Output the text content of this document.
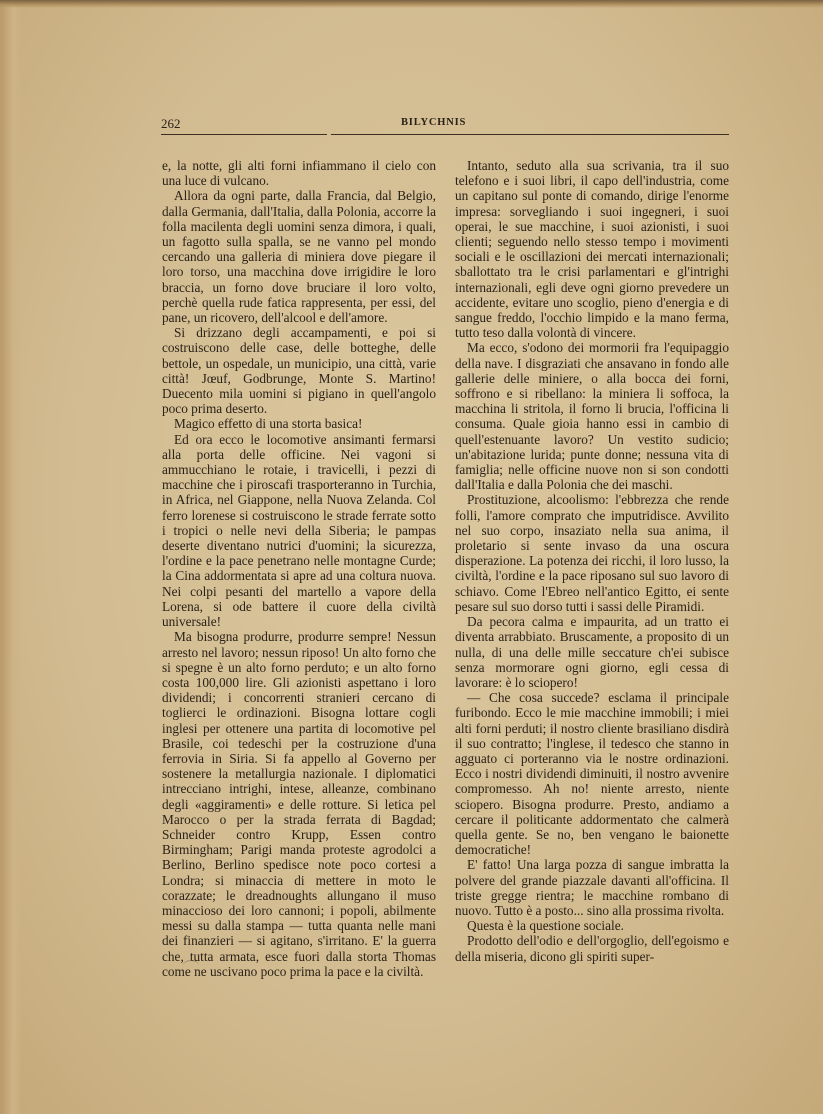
262	BILYCHNIS

e, la notte, gli alti forni infiammano il cielo con una luce di vulcano.

Allora da ogni parte, dalla Francia, dal Belgio, dalla Germania, dall'Italia, dalla Polonia, accorre la folla macilenta degli uomini senza dimora, i quali, un fagotto sulla spalla, se ne vanno pel mondo cercando una galleria di miniera dove piegare il loro torso, una macchina dove irrigidire le loro braccia, un forno dove bruciare il loro volto, perchè quella rude fatica rappresenta, per essi, del pane, un ricovero, dell'alcool e dell'amore.

Si drizzano degli accampamenti, e poi si costruiscono delle case, delle botteghe, delle bettole, un ospedale, un municipio, una città, varie città! Jœuf, Godbrunge, Monte S. Martino! Duecento mila uomini si pigiano in quell'angolo poco prima deserto.

Magico effetto di una storta basica!

Ed ora ecco le locomotive ansimanti fermarsi alla porta delle officine. Nei vagoni si ammucchiano le rotaie, i travicelli, i pezzi di macchine che i piroscafi trasporteranno in Turchia, in Africa, nel Giappone, nella Nuova Zelanda. Col ferro lorenese si costruiscono le strade ferrate sotto i tropici o nelle nevi della Siberia; le pampas deserte diventano nutrici d'uomini; la sicurezza, l'ordine e la pace penetrano nelle montagne Curde; la Cina addormentata si apre ad una coltura nuova. Nei colpi pesanti del martello a vapore della Lorena, si ode battere il cuore della civiltà universale!

Ma bisogna produrre, produrre sempre! Nessun arresto nel lavoro; nessun riposo! Un alto forno che si spegne è un alto forno perduto; e un alto forno costa 100,000 lire. Gli azionisti aspettano i loro dividendi; i concorrenti stranieri cercano di toglierci le ordinazioni. Bisogna lottare cogli inglesi per ottenere una partita di locomotive pel Brasile, coi tedeschi per la costruzione d'una ferrovia in Siria. Si fa appello al Governo per sostenere la metallurgia nazionale. I diplomatici intrecciano intrighi, intese, alleanze, combinano degli «aggiramenti» e delle rotture. Si letica pel Marocco o per la strada ferrata di Bagdad; Schneider contro Krupp, Essen contro Birmingham; Parigi manda proteste agrodolci a Berlino, Berlino spedisce note poco cortesi a Londra; si minaccia di mettere in moto le corazzate; le dreadnoughts allungano il muso minaccioso dei loro cannoni; i popoli, abilmente messi su dalla stampa — tutta quanta nelle mani dei finanzieri — si agitano, s'irritano. E' la guerra che, tutta armata, esce fuori dalla storta Thomas come ne uscivano poco prima la pace e la civiltà.

Intanto, seduto alla sua scrivania, tra il suo telefono e i suoi libri, il capo dell'industria, come un capitano sul ponte di comando, dirige l'enorme impresa: sorvegliando i suoi ingegneri, i suoi operai, le sue macchine, i suoi azionisti, i suoi clienti; seguendo nello stesso tempo i movimenti sociali e le oscillazioni dei mercati internazionali; sballottato tra le crisi parlamentari e gl'intrighi internazionali, egli deve ogni giorno prevedere un accidente, evitare uno scoglio, pieno d'energia e di sangue freddo, l'occhio limpido e la mano ferma, tutto teso dalla volontà di vincere.

Ma ecco, s'odono dei mormorii fra l'equipaggio della nave. I disgraziati che ansavano in fondo alle gallerie delle miniere, o alla bocca dei forni, soffrono e si ribellano: la miniera li soffoca, la macchina li stritola, il forno li brucia, l'officina li consuma. Quale gioia hanno essi in cambio di quell'estenuante lavoro? Un vestito sudicio; un'abitazione lurida; punte donne; nessuna vita di famiglia; nelle officine nuove non si son condotti dall'Italia e dalla Polonia che dei maschi.

Prostituzione, alcoolismo: l'ebbrezza che rende folli, l'amore comprato che imputridisce. Avvilito nel suo corpo, insaziato nella sua anima, il proletario si sente invaso da una oscura disperazione. La potenza dei ricchi, il loro lusso, la civiltà, l'ordine e la pace riposano sul suo lavoro di schiavo. Come l'Ebreo nell'antico Egitto, ei sente pesare sul suo dorso tutti i sassi delle Piramidi.

Da pecora calma e impaurita, ad un tratto ei diventa arrabbiato. Bruscamente, a proposito di un nulla, di una delle mille seccature ch'ei subisce senza mormorare ogni giorno, egli cessa di lavorare: è lo sciopero!

— Che cosa succede? esclama il principale furibondo. Ecco le mie macchine immobili; i miei alti forni perduti; il nostro cliente brasiliano disdirà il suo contratto; l'inglese, il tedesco che stanno in agguato ci porteranno via le nostre ordinazioni. Ecco i nostri dividendi diminuiti, il nostro avvenire compromesso. Ah no! niente arresto, niente sciopero. Bisogna produrre. Presto, andiamo a cercare il politicante addormentato che calmerà quella gente. Se no, ben vengano le baionette democratiche!

E' fatto! Una larga pozza di sangue imbratta la polvere del grande piazzale davanti all'officina. Il triste gregge rientra; le macchine rombano di nuovo. Tutto è a posto... sino alla prossima rivolta.

Questa è la questione sociale.

Prodotto dell'odio e dell'orgoglio, dell'egoismo e della miseria, dicono gli spiriti super-
